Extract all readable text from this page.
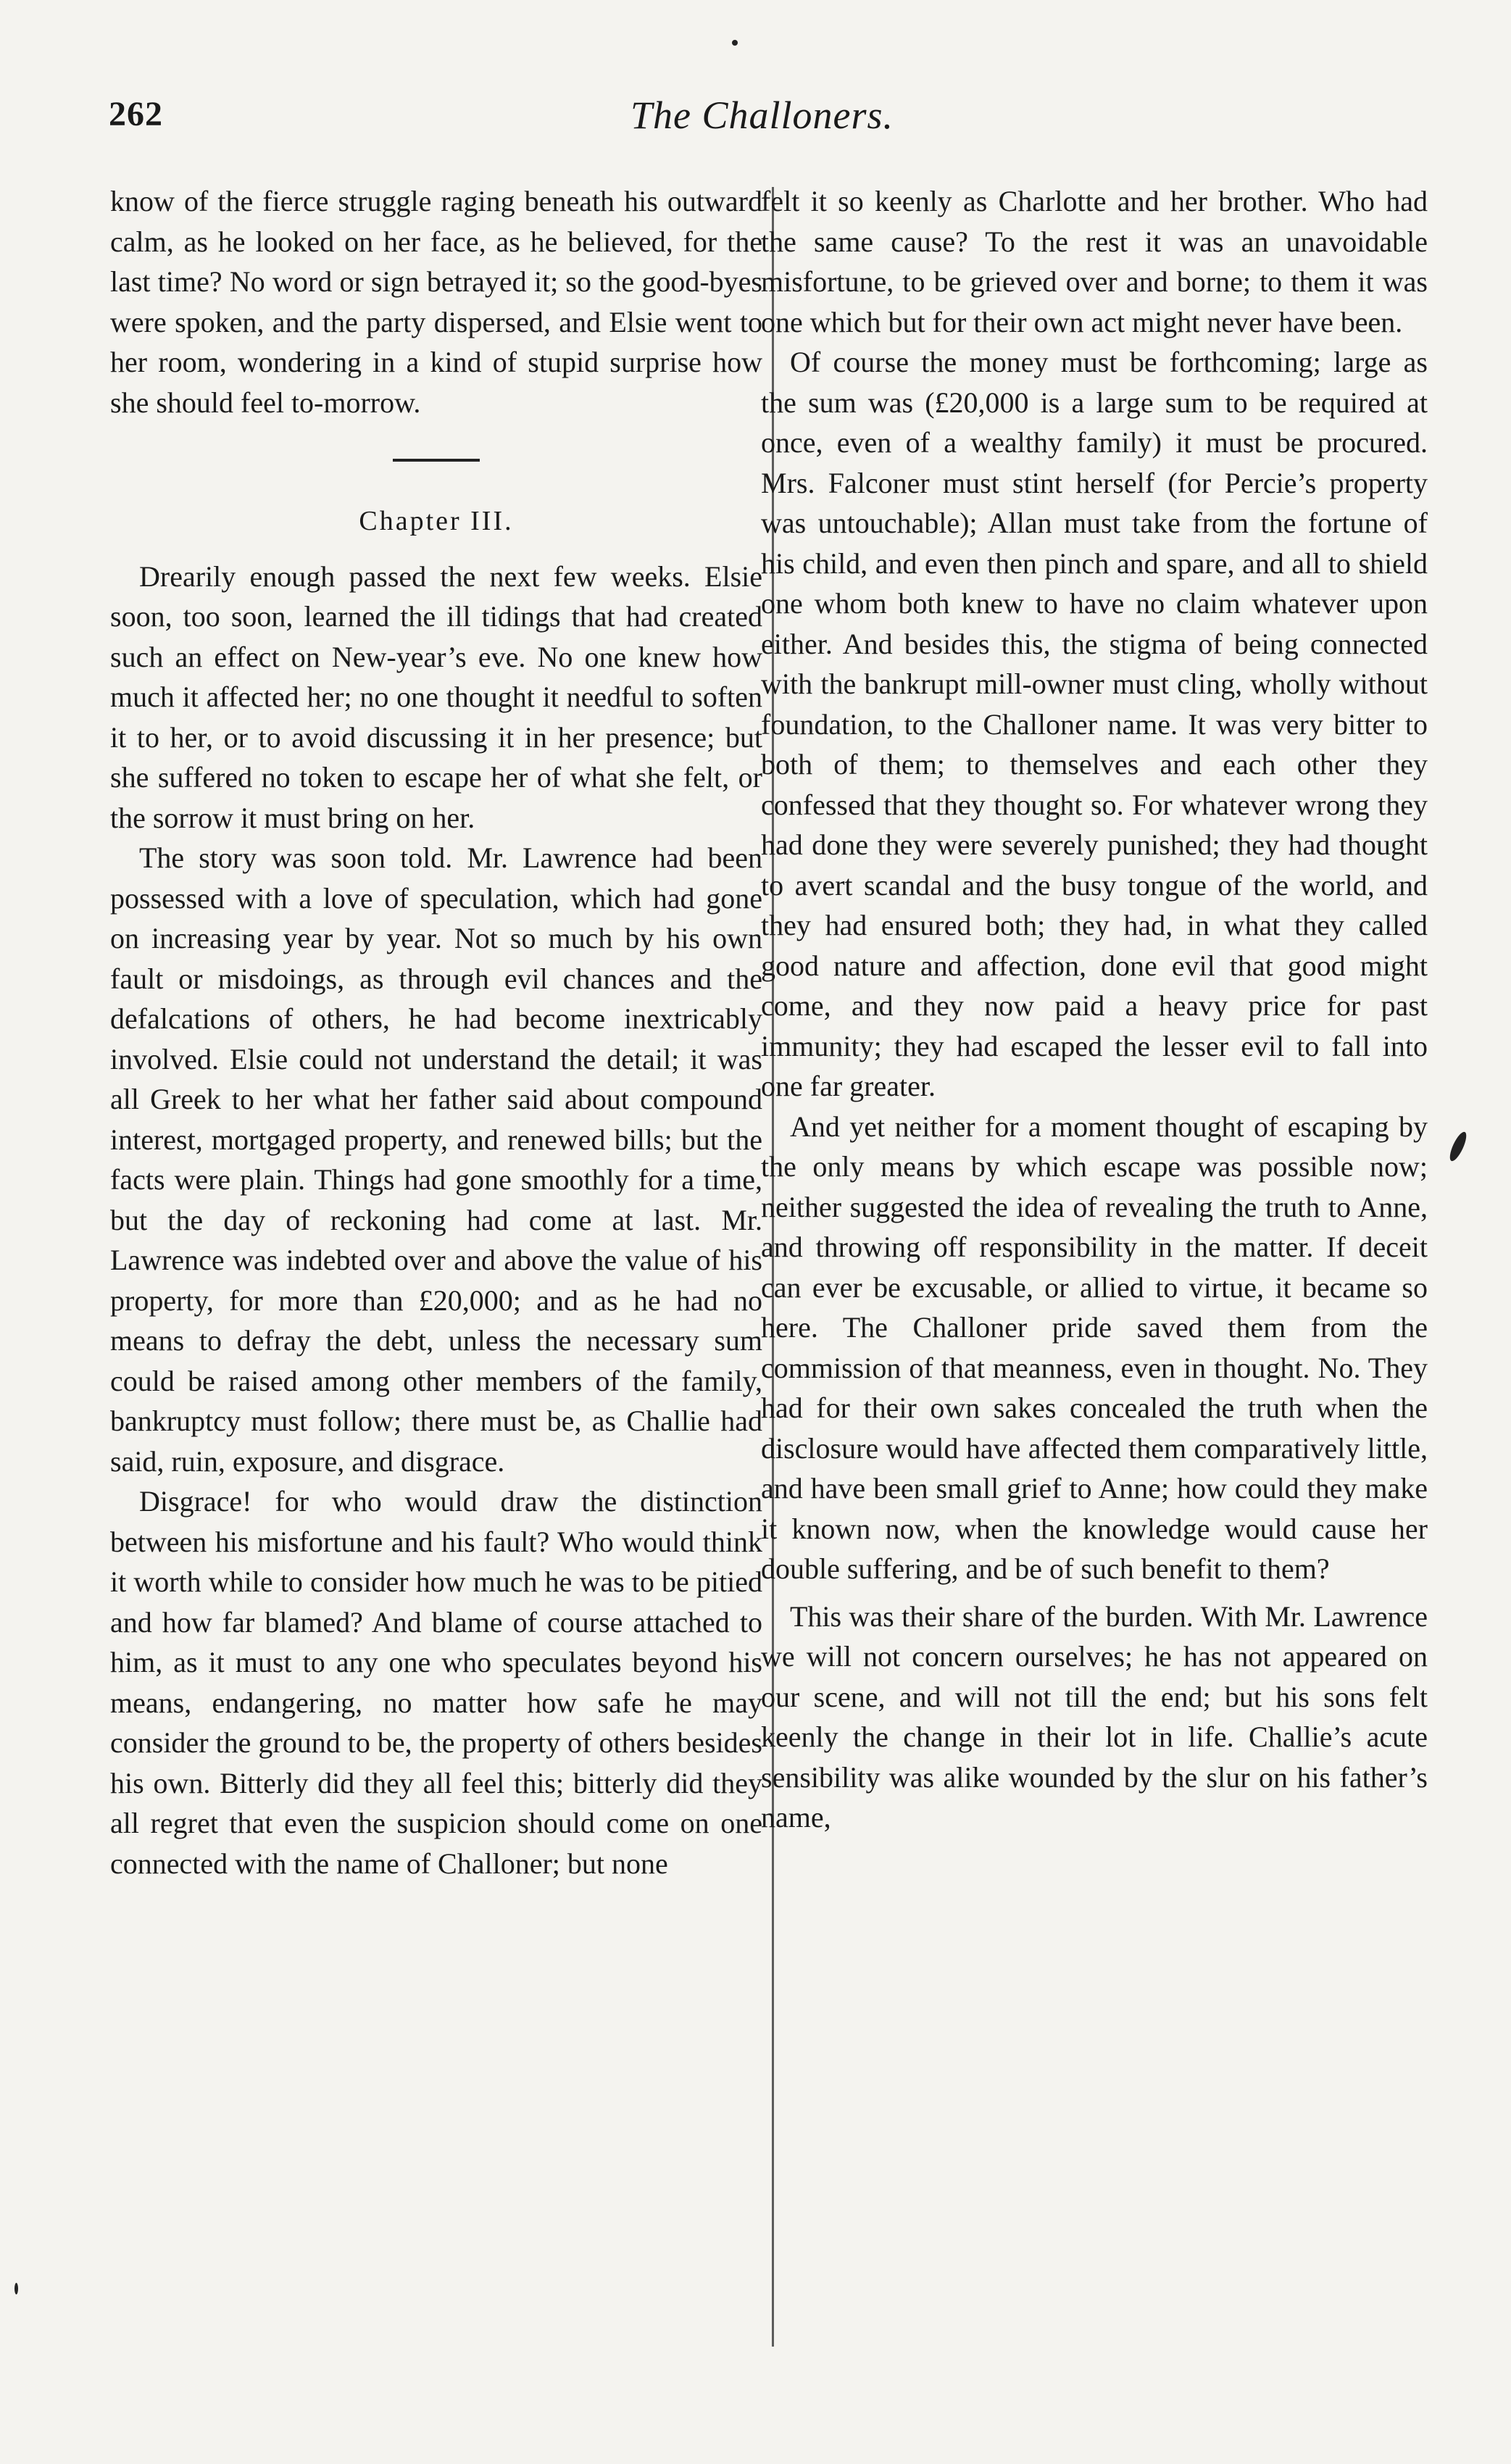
262	The Challoners.

know of the fierce struggle raging beneath his outward calm, as he looked on her face, as he believed, for the last time? No word or sign betrayed it; so the good-byes were spoken, and the party dispersed, and Elsie went to her room, wondering in a kind of stupid surprise how she should feel to-morrow.

Chapter III.

Drearily enough passed the next few weeks. Elsie soon, too soon, learned the ill tidings that had created such an effect on New-year’s eve. No one knew how much it affected her; no one thought it needful to soften it to her, or to avoid discussing it in her presence; but she suffered no token to escape her of what she felt, or the sorrow it must bring on her.

The story was soon told. Mr. Lawrence had been possessed with a love of speculation, which had gone on increasing year by year. Not so much by his own fault or misdoings, as through evil chances and the defalcations of others, he had become inextricably involved. Elsie could not understand the detail; it was all Greek to her what her father said about compound interest, mortgaged property, and renewed bills; but the facts were plain. Things had gone smoothly for a time, but the day of reckoning had come at last. Mr. Lawrence was indebted over and above the value of his property, for more than £20,000; and as he had no means to defray the debt, unless the necessary sum could be raised among other members of the family, bankruptcy must follow; there must be, as Challie had said, ruin, exposure, and disgrace.

Disgrace! for who would draw the distinction between his misfortune and his fault? Who would think it worth while to consider how much he was to be pitied and how far blamed? And blame of course attached to him, as it must to any one who speculates beyond his means, endangering, no matter how safe he may consider the ground to be, the property of others besides his own. Bitterly did they all feel this; bitterly did they all regret that even the suspicion should come on one connected with the name of Challoner; but none

felt it so keenly as Charlotte and her brother. Who had the same cause? To the rest it was an unavoidable misfortune, to be grieved over and borne; to them it was one which but for their own act might never have been.

Of course the money must be forthcoming; large as the sum was (£20,000 is a large sum to be required at once, even of a wealthy family) it must be procured. Mrs. Falconer must stint herself (for Percie’s property was untouchable); Allan must take from the fortune of his child, and even then pinch and spare, and all to shield one whom both knew to have no claim whatever upon either. And besides this, the stigma of being connected with the bankrupt mill-owner must cling, wholly without foundation, to the Challoner name. It was very bitter to both of them; to themselves and each other they confessed that they thought so. For whatever wrong they had done they were severely punished; they had thought to avert scandal and the busy tongue of the world, and they had ensured both; they had, in what they called good nature and affection, done evil that good might come, and they now paid a heavy price for past immunity; they had escaped the lesser evil to fall into one far greater.

And yet neither for a moment thought of escaping by the only means by which escape was possible now; neither suggested the idea of revealing the truth to Anne, and throwing off responsibility in the matter. If deceit can ever be excusable, or allied to virtue, it became so here. The Challoner pride saved them from the commission of that meanness, even in thought. No. They had for their own sakes concealed the truth when the disclosure would have affected them comparatively little, and have been small grief to Anne; how could they make it known now, when the knowledge would cause her double suffering, and be of such benefit to them?

This was their share of the burden. With Mr. Lawrence we will not concern ourselves; he has not appeared on our scene, and will not till the end; but his sons felt keenly the change in their lot in life. Challie’s acute sensibility was alike wounded by the slur on his father’s name,
